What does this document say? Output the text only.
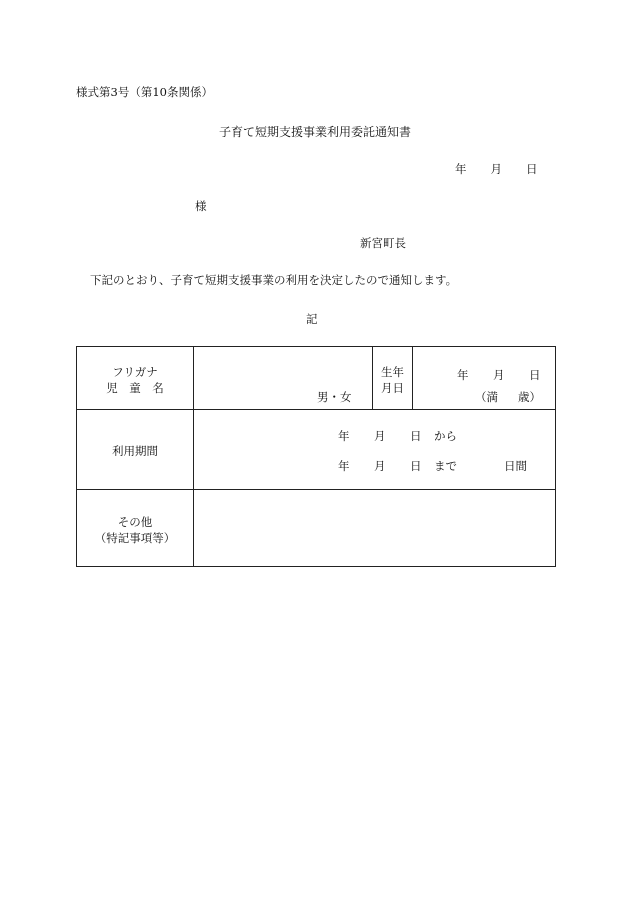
様式第3号（第10条関係）
子育て短期支援事業利用委託通知書
年 月 日
様
新宮町長
下記のとおり、子育て短期支援事業の利用を決定したので通知します。
記
フリガナ
児　童　名
男・女
生年
月日
年 月 日
（満 歳）
利用期間
年 月 日 から
年 月 日 まで	日間
その他
（特記事項等）
